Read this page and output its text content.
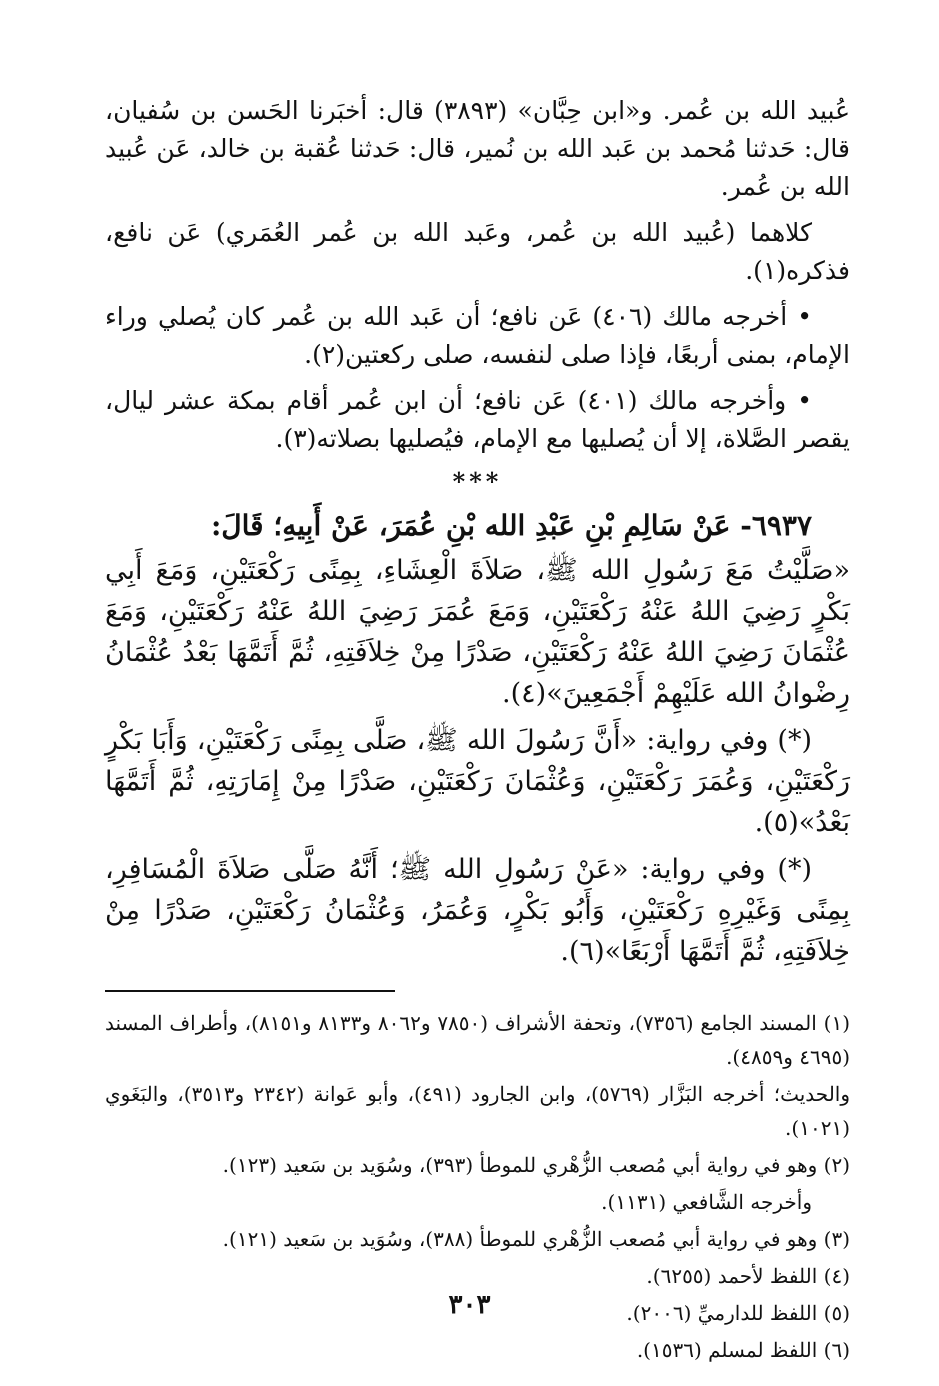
عُبيد الله بن عُمر. و«ابن حِبَّان» (٣٨٩٣) قال: أخبَرنا الحَسن بن سُفيان، قال: حَدثنا مُحمد بن عَبد الله بن نُمير، قال: حَدثنا عُقبة بن خالد، عَن عُبيد الله بن عُمر.

كلاهما (عُبيد الله بن عُمر، وعَبد الله بن عُمر العُمَري) عَن نافع، فذكره(١).

• أخرجه مالك (٤٠٦) عَن نافع؛ أن عَبد الله بن عُمر كان يُصلي وراء الإمام، بمنى أربعًا، فإذا صلى لنفسه، صلى ركعتين(٢).

• وأخرجه مالك (٤٠١) عَن نافع؛ أن ابن عُمر أقام بمكة عشر ليال، يقصر الصَّلاة، إلا أن يُصليها مع الإمام، فيُصليها بصلاته(٣).

***

٦٩٣٧- عَنْ سَالِمِ بْنِ عَبْدِ الله بْنِ عُمَرَ، عَنْ أَبِيهِ؛ قَالَ:

«صَلَّيْتُ مَعَ رَسُولِ الله ﷺ، صَلاَةَ الْعِشَاءِ، بِمِنًى رَكْعَتَيْنِ، وَمَعَ أَبِي بَكْرٍ رَضِيَ اللهُ عَنْهُ رَكْعَتَيْنِ، وَمَعَ عُمَرَ رَضِيَ اللهُ عَنْهُ رَكْعَتَيْنِ، وَمَعَ عُثْمَانَ رَضِيَ اللهُ عَنْهُ رَكْعَتَيْنِ، صَدْرًا مِنْ خِلاَفَتِهِ، ثُمَّ أَتَمَّهَا بَعْدُ عُثْمَانُ رِضْوانُ الله عَلَيْهِمْ أَجْمَعِينَ»(٤).

(*) وفي رواية: «أَنَّ رَسُولَ الله ﷺ، صَلَّى بِمِنًى رَكْعَتَيْنِ، وَأَبَا بَكْرٍ رَكْعَتَيْنِ، وَعُمَرَ رَكْعَتَيْنِ، وَعُثْمَانَ رَكْعَتَيْنِ، صَدْرًا مِنْ إِمَارَتِهِ، ثُمَّ أَتَمَّهَا بَعْدُ»(٥).

(*) وفي رواية: «عَنْ رَسُولِ الله ﷺ؛ أَنَّهُ صَلَّى صَلاَةَ الْمُسَافِرِ، بِمِنًى وَغَيْرِهِ رَكْعَتَيْنِ، وَأَبُو بَكْرٍ، وَعُمَرُ، وَعُثْمَانُ رَكْعَتَيْنِ، صَدْرًا مِنْ خِلاَفَتِهِ، ثُمَّ أَتَمَّهَا أَرْبَعًا»(٦).

(١) المسند الجامع (٧٣٥٦)، وتحفة الأشراف (٧٨٥٠ و٨٠٦٢ و٨١٣٣ و٨١٥١)، وأطراف المسند (٤٦٩٥ و٤٨٥٩).

والحديث؛ أخرجه البَزَّار (٥٧٦٩)، وابن الجارود (٤٩١)، وأبو عَوانة (٢٣٤٢ و٣٥١٣)، والبَغَوي (١٠٢١).

(٢) وهو في رواية أبي مُصعب الزُّهْري للموطأ (٣٩٣)، وسُوَيد بن سَعيد (١٢٣).

وأخرجه الشَّافعي (١١٣١).

(٣) وهو في رواية أبي مُصعب الزُّهْري للموطأ (٣٨٨)، وسُوَيد بن سَعيد (١٢١).

(٤) اللفظ لأحمد (٦٢٥٥).

(٥) اللفظ للدارميِّ (٢٠٠٦).

(٦) اللفظ لمسلم (١٥٣٦).

٣٠٣
